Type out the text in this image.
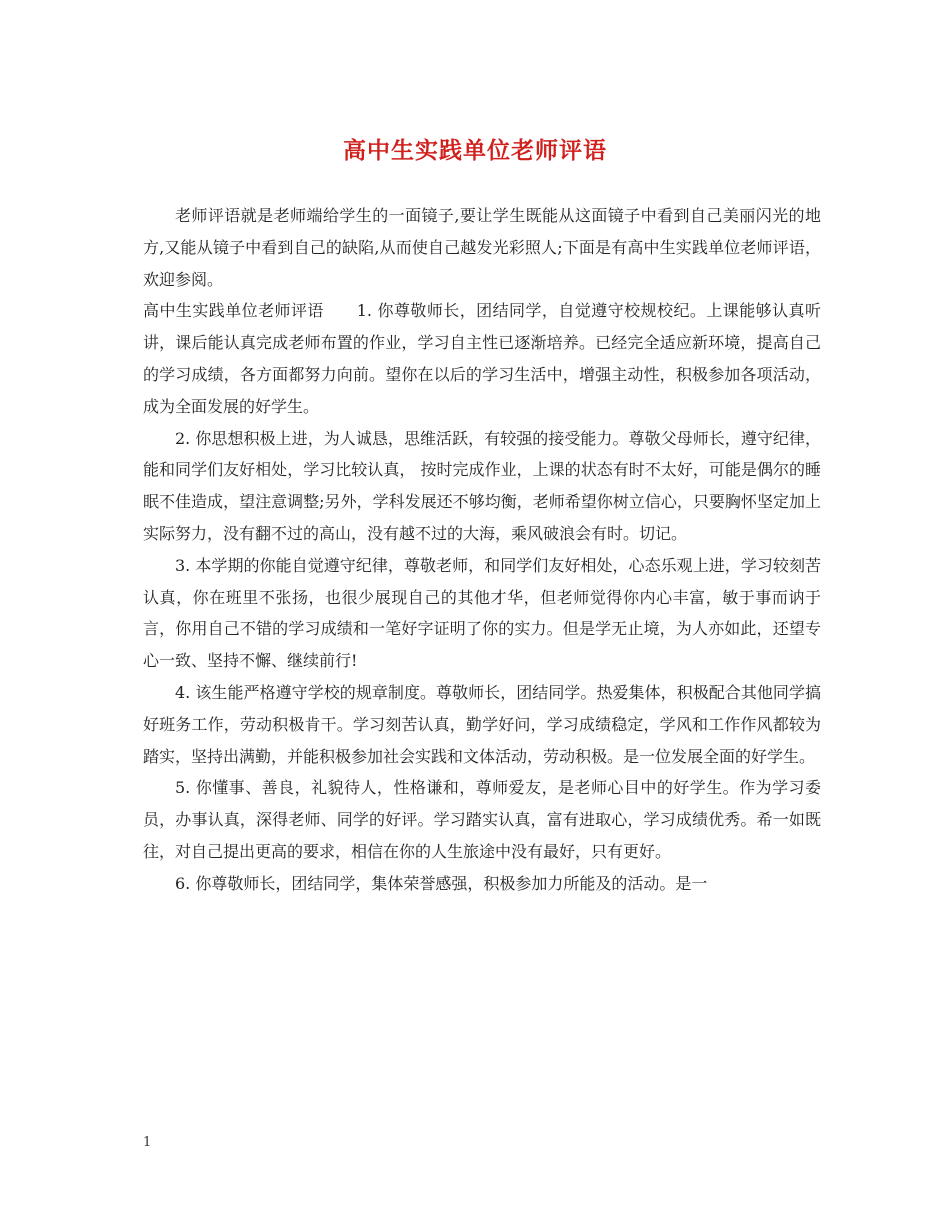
高中生实践单位老师评语

老师评语就是老师端给学生的一面镜子,要让学生既能从这面镜子中看到自己美丽闪光的地方,又能从镜子中看到自己的缺陷,从而使自己越发光彩照人;下面是有高中生实践单位老师评语，欢迎参阅。

高中生实践单位老师评语　　1. 你尊敬师长，团结同学，自觉遵守校规校纪。上课能够认真听讲，课后能认真完成老师布置的作业，学习自主性已逐渐培养。已经完全适应新环境，提高自己的学习成绩，各方面都努力向前。望你在以后的学习生活中，增强主动性，积极参加各项活动，成为全面发展的好学生。

2. 你思想积极上进，为人诚恳，思维活跃，有较强的接受能力。尊敬父母师长，遵守纪律，能和同学们友好相处，学习比较认真， 按时完成作业，上课的状态有时不太好，可能是偶尔的睡眠不佳造成，望注意调整;另外，学科发展还不够均衡，老师希望你树立信心，只要胸怀坚定加上实际努力，没有翻不过的高山，没有越不过的大海，乘风破浪会有时。切记。

3. 本学期的你能自觉遵守纪律，尊敬老师，和同学们友好相处，心态乐观上进，学习较刻苦认真，你在班里不张扬，也很少展现自己的其他才华，但老师觉得你内心丰富，敏于事而讷于言，你用自己不错的学习成绩和一笔好字证明了你的实力。但是学无止境，为人亦如此，还望专心一致、坚持不懈、继续前行!

4. 该生能严格遵守学校的规章制度。尊敬师长，团结同学。热爱集体，积极配合其他同学搞好班务工作，劳动积极肯干。学习刻苦认真，勤学好问，学习成绩稳定，学风和工作作风都较为踏实，坚持出满勤，并能积极参加社会实践和文体活动，劳动积极。是一位发展全面的好学生。

5. 你懂事、善良，礼貌待人，性格谦和，尊师爱友，是老师心目中的好学生。作为学习委员，办事认真，深得老师、同学的好评。学习踏实认真，富有进取心，学习成绩优秀。希一如既往，对自己提出更高的要求，相信在你的人生旅途中没有最好，只有更好。

6. 你尊敬师长，团结同学，集体荣誉感强，积极参加力所能及的活动。是一

1
